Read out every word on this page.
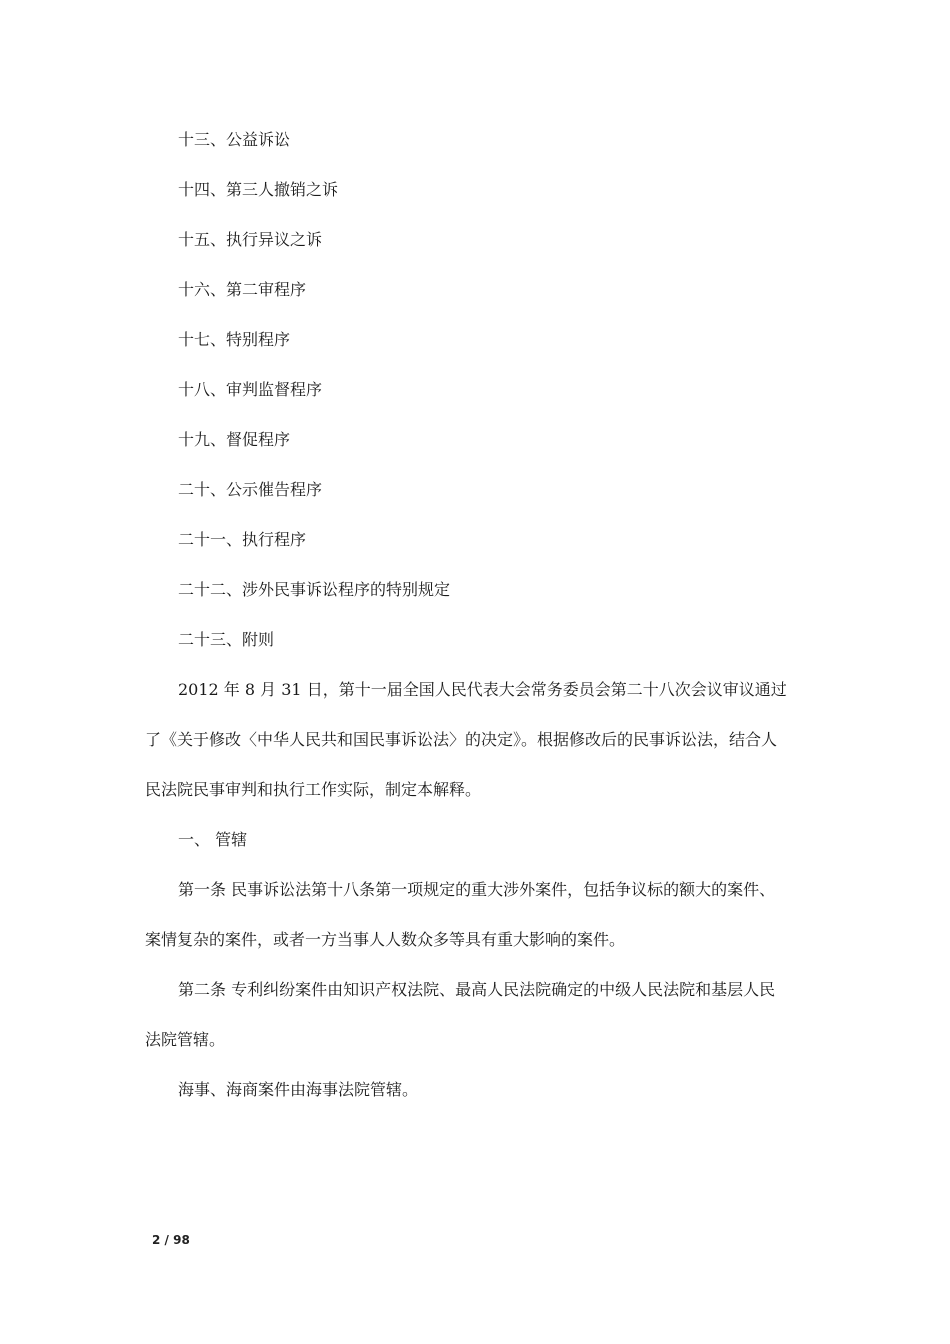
十三、公益诉讼
十四、第三人撤销之诉
十五、执行异议之诉
十六、第二审程序
十七、特别程序
十八、审判监督程序
十九、督促程序
二十、公示催告程序
二十一、执行程序
二十二、涉外民事诉讼程序的特别规定
二十三、附则
2012 年 8 月 31 日，第十一届全国人民代表大会常务委员会第二十八次会议审议通过
了《关于修改〈中华人民共和国民事诉讼法〉的决定》。根据修改后的民事诉讼法，结合人
民法院民事审判和执行工作实际，制定本解释。
一、 管辖
第一条 民事诉讼法第十八条第一项规定的重大涉外案件，包括争议标的额大的案件、
案情复杂的案件，或者一方当事人人数众多等具有重大影响的案件。
第二条 专利纠纷案件由知识产权法院、最高人民法院确定的中级人民法院和基层人民
法院管辖。
海事、海商案件由海事法院管辖。
2 / 98
